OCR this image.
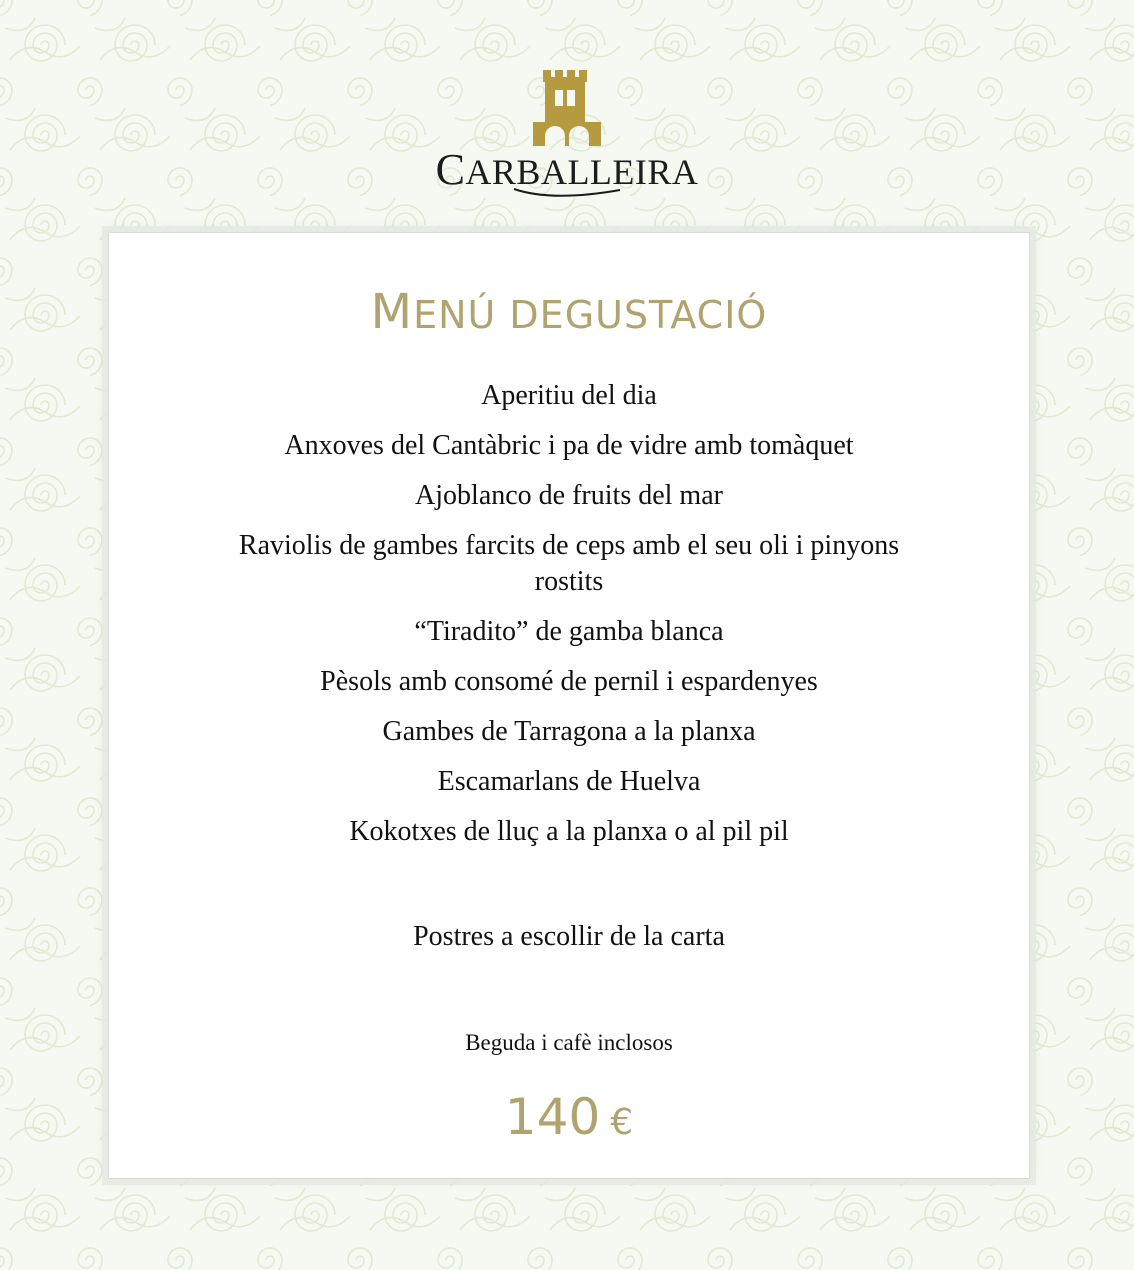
CARBALLEIRA
MENÚ DEGUSTACIÓ
Aperitiu del dia
Anxoves del Cantàbric i pa de vidre amb tomàquet
Ajoblanco de fruits del mar
Raviolis de gambes farcits de ceps amb el seu oli i pinyons rostits
“Tiradito” de gamba blanca
Pèsols amb consomé de pernil i espardenyes
Gambes de Tarragona a la planxa
Escamarlans de Huelva
Kokotxes de lluç a la planxa o al pil pil
Postres a escollir de la carta
Beguda i cafè inclosos
140 €
